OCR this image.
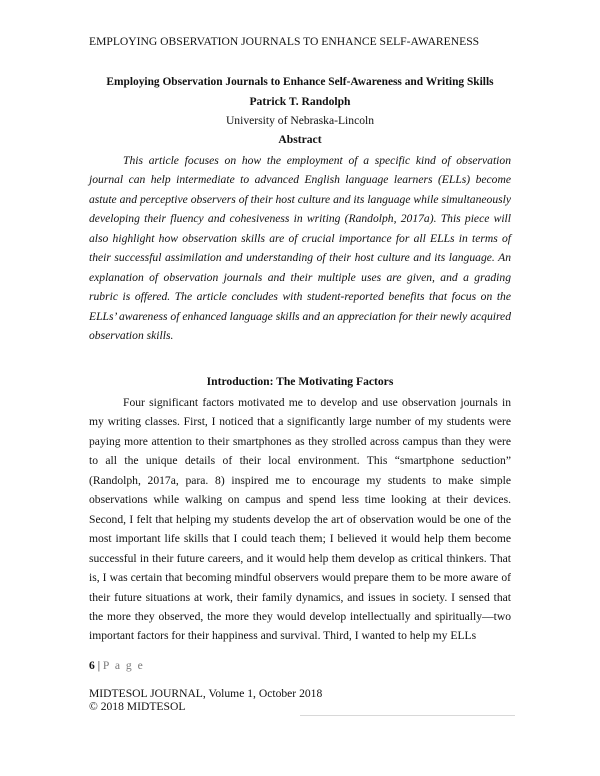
EMPLOYING OBSERVATION JOURNALS TO ENHANCE SELF-AWARENESS
Employing Observation Journals to Enhance Self-Awareness and Writing Skills
Patrick T. Randolph
University of Nebraska-Lincoln
Abstract

This article focuses on how the employment of a specific kind of observation journal can help intermediate to advanced English language learners (ELLs) become astute and perceptive observers of their host culture and its language while simultaneously developing their fluency and cohesiveness in writing (Randolph, 2017a). This piece will also highlight how observation skills are of crucial importance for all ELLs in terms of their successful assimilation and understanding of their host culture and its language. An explanation of observation journals and their multiple uses are given, and a grading rubric is offered. The article concludes with student-reported benefits that focus on the ELLs’ awareness of enhanced language skills and an appreciation for their newly acquired observation skills.

Introduction: The Motivating Factors

Four significant factors motivated me to develop and use observation journals in my writing classes. First, I noticed that a significantly large number of my students were paying more attention to their smartphones as they strolled across campus than they were to all the unique details of their local environment. This “smartphone seduction” (Randolph, 2017a, para. 8) inspired me to encourage my students to make simple observations while walking on campus and spend less time looking at their devices. Second, I felt that helping my students develop the art of observation would be one of the most important life skills that I could teach them; I believed it would help them become successful in their future careers, and it would help them develop as critical thinkers. That is, I was certain that becoming mindful observers would prepare them to be more aware of their future situations at work, their family dynamics, and issues in society. I sensed that the more they observed, the more they would develop intellectually and spiritually—two important factors for their happiness and survival. Third, I wanted to help my ELLs

6 | P a g e
MIDTESOL JOURNAL, Volume 1, October 2018
© 2018 MIDTESOL
